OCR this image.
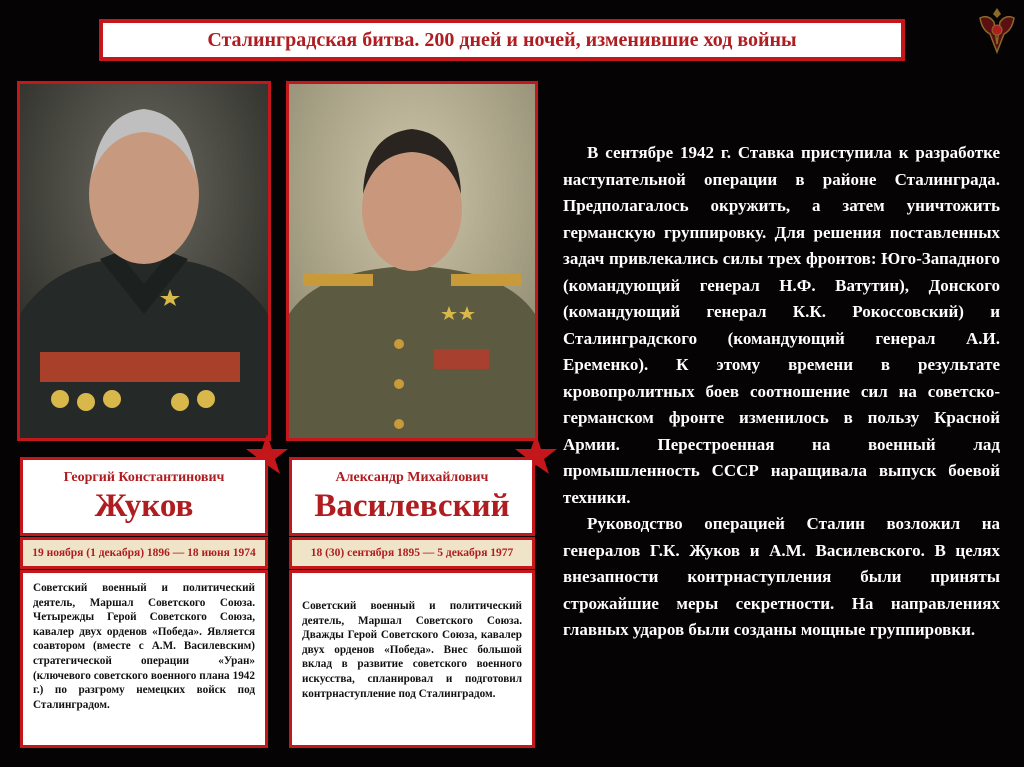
Сталинградская битва. 200 дней и ночей, изменившие ход войны
Георгий Константинович
Жуков
19 ноября (1 декабря) 1896 — 18 июня 1974
Советский военный и политический деятель, Маршал Советского Союза. Четырежды Герой Советского Союза, кавалер двух орденов «Победа». Является соавтором (вместе с А.М. Василевским) стратегической операции «Уран» (ключевого советского военного плана 1942 г.) по разгрому немецких войск под Сталинградом.
Александр Михайлович
Василевский
18 (30) сентября 1895 — 5 декабря 1977
Советский военный и политический деятель, Маршал Советского Союза. Дважды Герой Советского Союза, кавалер двух орденов «Победа». Внес большой вклад в развитие советского военного искусства, спланировал и подготовил контрнаступление под Сталинградом.

В сентябре 1942 г. Ставка приступила к разработке наступательной операции в районе Сталинграда. Предполагалось окружить, а затем уничтожить германскую группировку. Для решения поставленных задач привлекались силы трех фронтов: Юго-Западного (командующий генерал Н.Ф. Ватутин), Донского (командующий генерал К.К. Рокоссовский) и Сталинградского (командующий генерал А.И. Еременко). К этому времени в результате кровопролитных боев соотношение сил на советско-германском фронте изменилось в пользу Красной Армии. Перестроенная на военный лад промышленность СССР наращивала выпуск боевой техники.

Руководство операцией Сталин возложил на генералов Г.К. Жуков и А.М. Василевского. В целях внезапности контрнаступления были приняты строжайшие меры секретности. На направлениях главных ударов были созданы мощные группировки.
